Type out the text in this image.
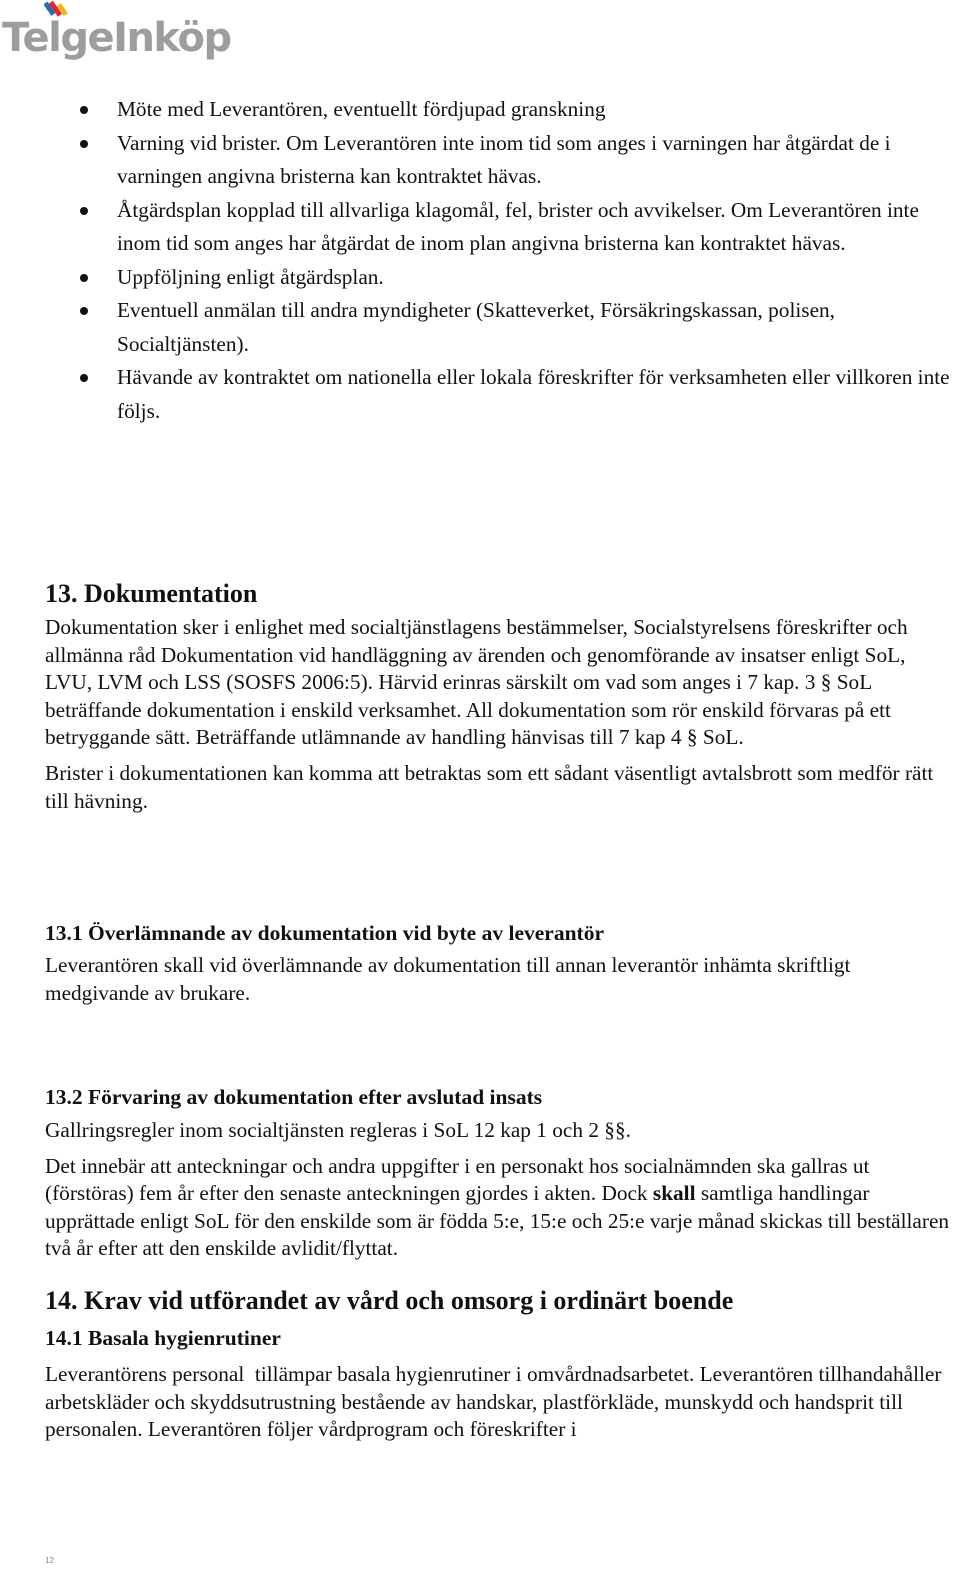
TelgeInköp
Möte med Leverantören, eventuellt fördjupad granskning
Varning vid brister. Om Leverantören inte inom tid som anges i varningen har åtgärdat de i varningen angivna bristerna kan kontraktet hävas.
Åtgärdsplan kopplad till allvarliga klagomål, fel, brister och avvikelser. Om Leverantören inte inom tid som anges har åtgärdat de inom plan angivna bristerna kan kontraktet hävas.
Uppföljning enligt åtgärdsplan.
Eventuell anmälan till andra myndigheter (Skatteverket, Försäkringskassan, polisen, Socialtjänsten).
Hävande av kontraktet om nationella eller lokala föreskrifter för verksamheten eller villkoren inte följs.
13. Dokumentation

Dokumentation sker i enlighet med socialtjänstlagens bestämmelser, Socialstyrelsens föreskrifter och allmänna råd Dokumentation vid handläggning av ärenden och genomförande av insatser enligt SoL, LVU, LVM och LSS (SOSFS 2006:5). Härvid erinras särskilt om vad som anges i 7 kap. 3 § SoL beträffande dokumentation i enskild verksamhet. All dokumentation som rör enskild förvaras på ett betryggande sätt. Beträffande utlämnande av handling hänvisas till 7 kap 4 § SoL.

Brister i dokumentationen kan komma att betraktas som ett sådant väsentligt avtalsbrott som medför rätt till hävning.

13.1 Överlämnande av dokumentation vid byte av leverantör

Leverantören skall vid överlämnande av dokumentation till annan leverantör inhämta skriftligt medgivande av brukare.

13.2 Förvaring av dokumentation efter avslutad insats

Gallringsregler inom socialtjänsten regleras i SoL 12 kap 1 och 2 §§.

Det innebär att anteckningar och andra uppgifter i en personakt hos socialnämnden ska gallras ut (förstöras) fem år efter den senaste anteckningen gjordes i akten. Dock skall samtliga handlingar upprättade enligt SoL för den enskilde som är födda 5:e, 15:e och 25:e varje månad skickas till beställaren två år efter att den enskilde avlidit/flyttat.

14. Krav vid utförandet av vård och omsorg i ordinärt boende
14.1 Basala hygienrutiner

Leverantörens personal  tillämpar basala hygienrutiner i omvårdnadsarbetet. Leverantören tillhandahåller arbetskläder och skyddsutrustning bestående av handskar, plastförkläde, munskydd och handsprit till personalen. Leverantören följer vårdprogram och föreskrifter i

12
